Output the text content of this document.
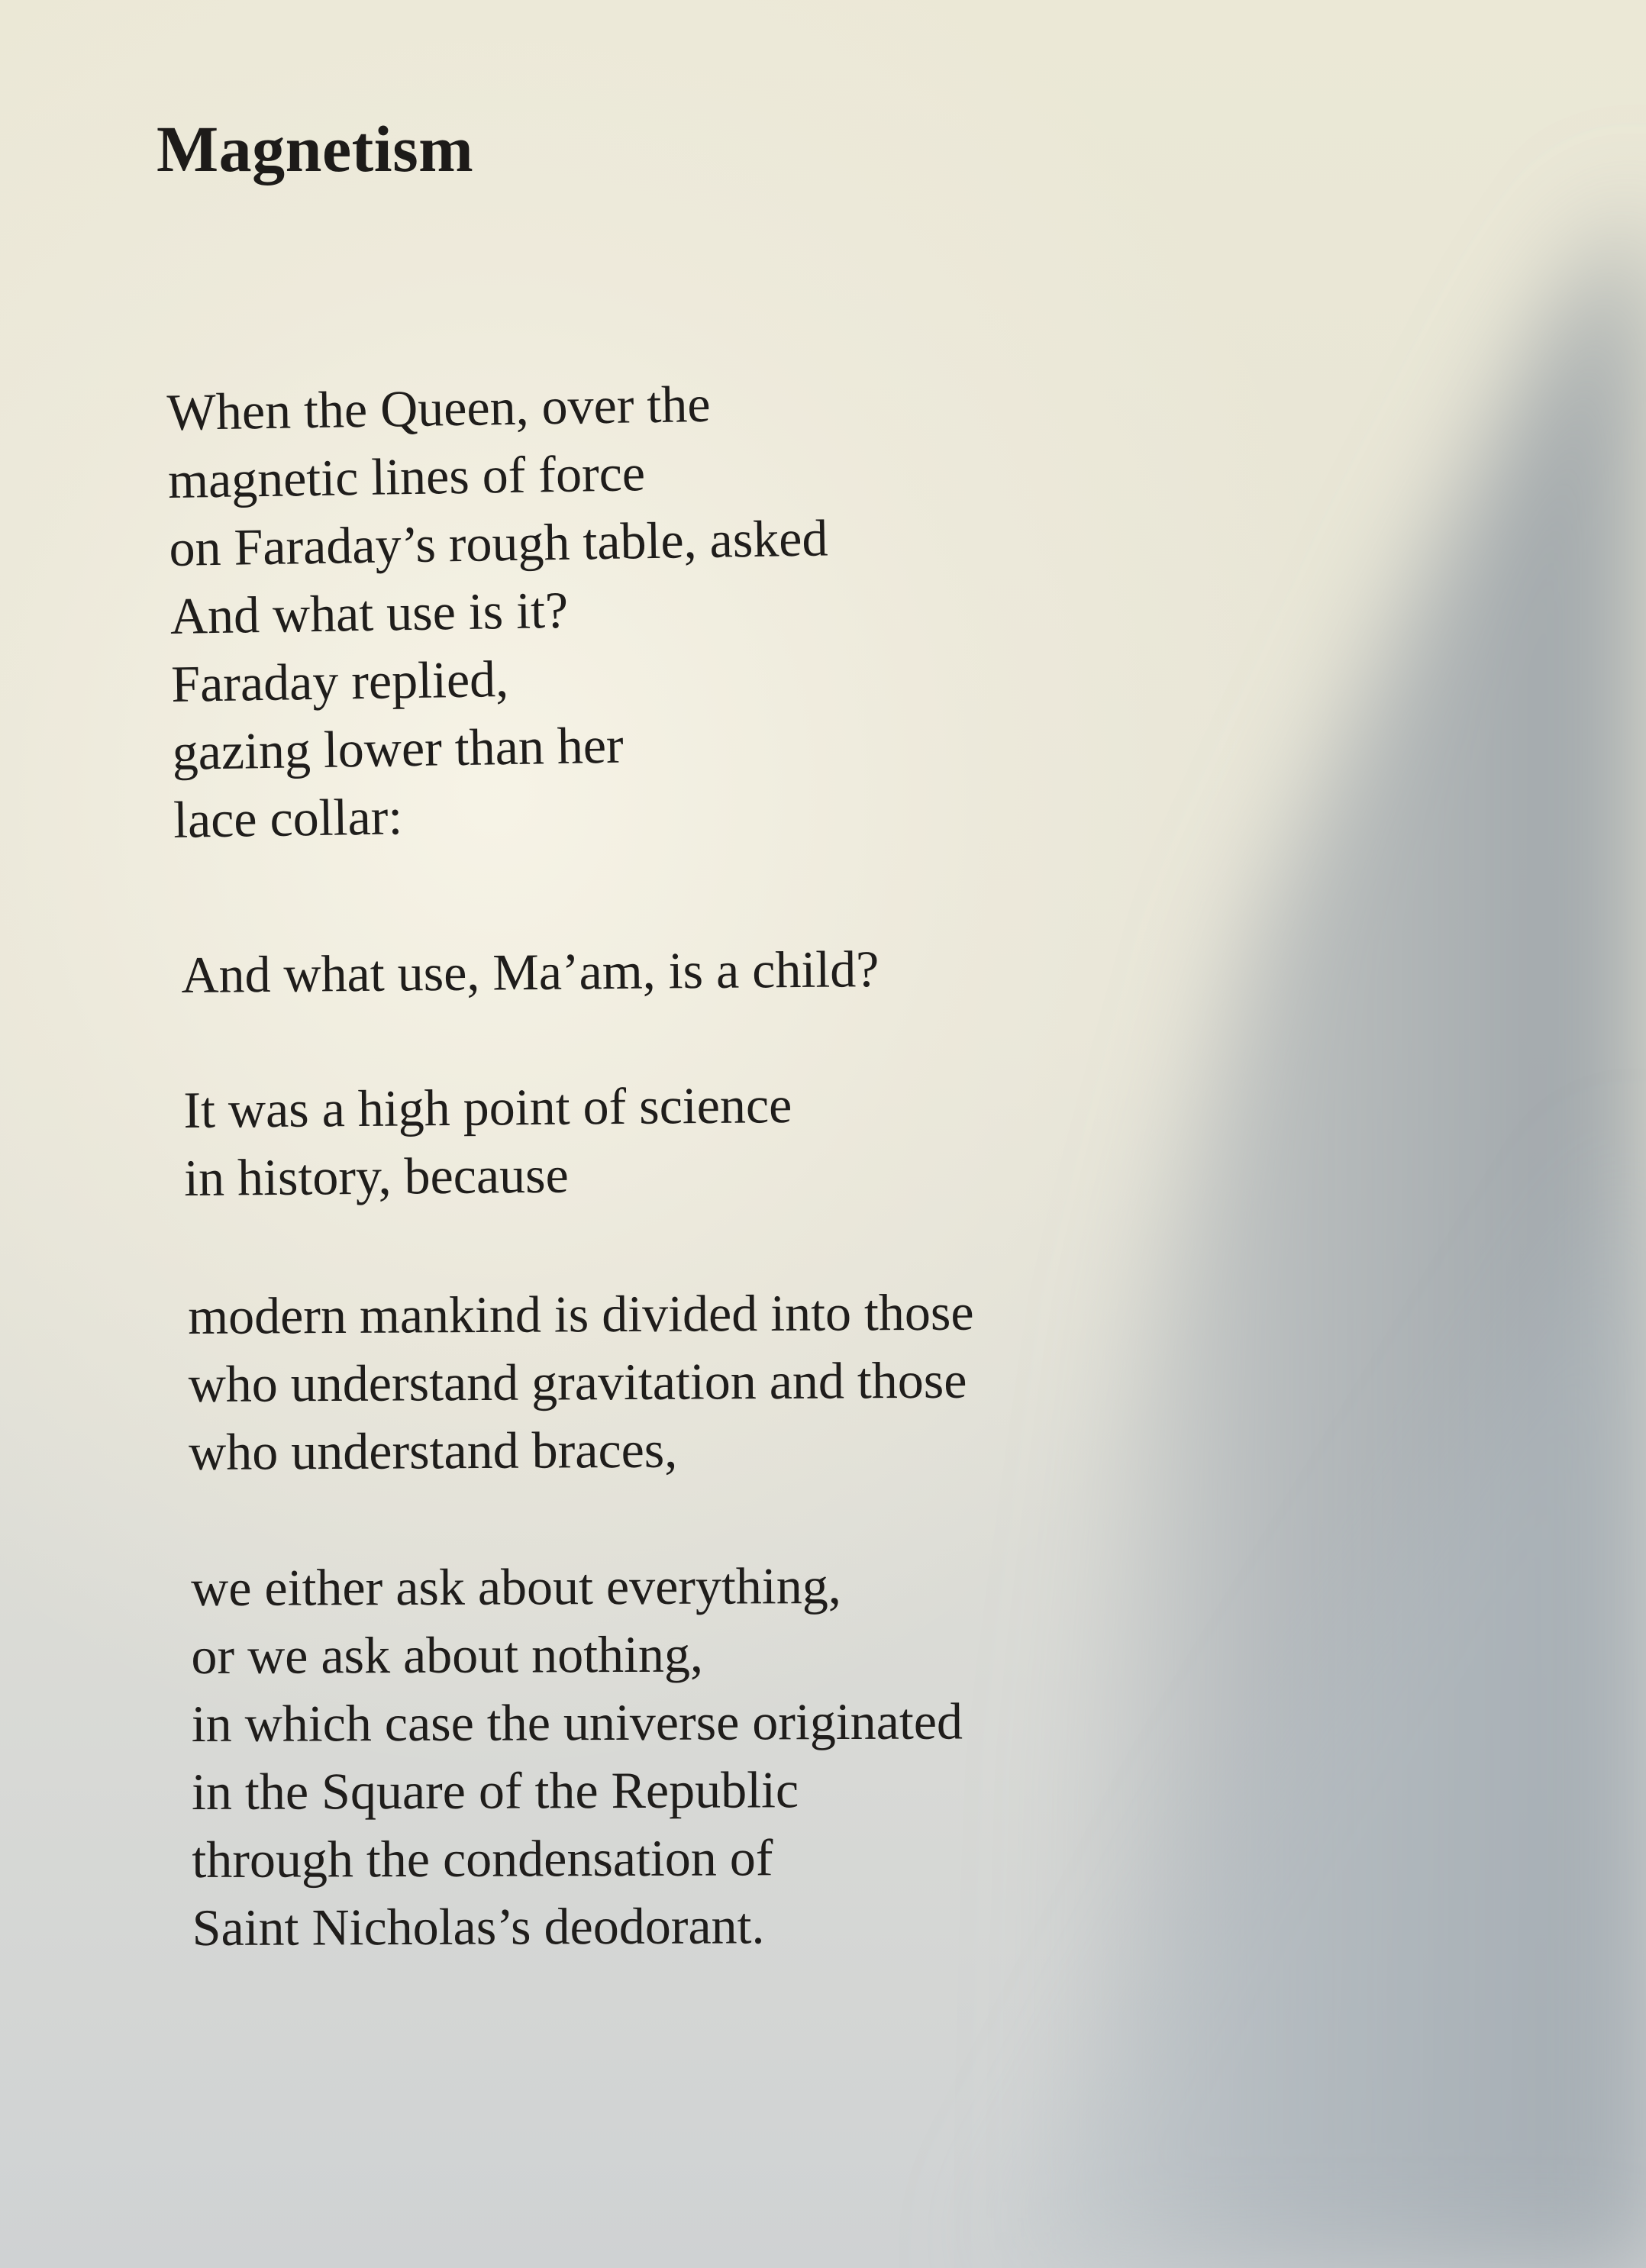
Magnetism
When the Queen, over the
magnetic lines of force
on Faraday’s rough table, asked
And what use is it?
Faraday replied,
gazing lower than her
lace collar:
And what use, Ma’am, is a child?
It was a high point of science
in history, because
modern mankind is divided into those
who understand gravitation and those
who understand braces,
we either ask about everything,
or we ask about nothing,
in which case the universe originated
in the Square of the Republic
through the condensation of
Saint Nicholas’s deodorant.
